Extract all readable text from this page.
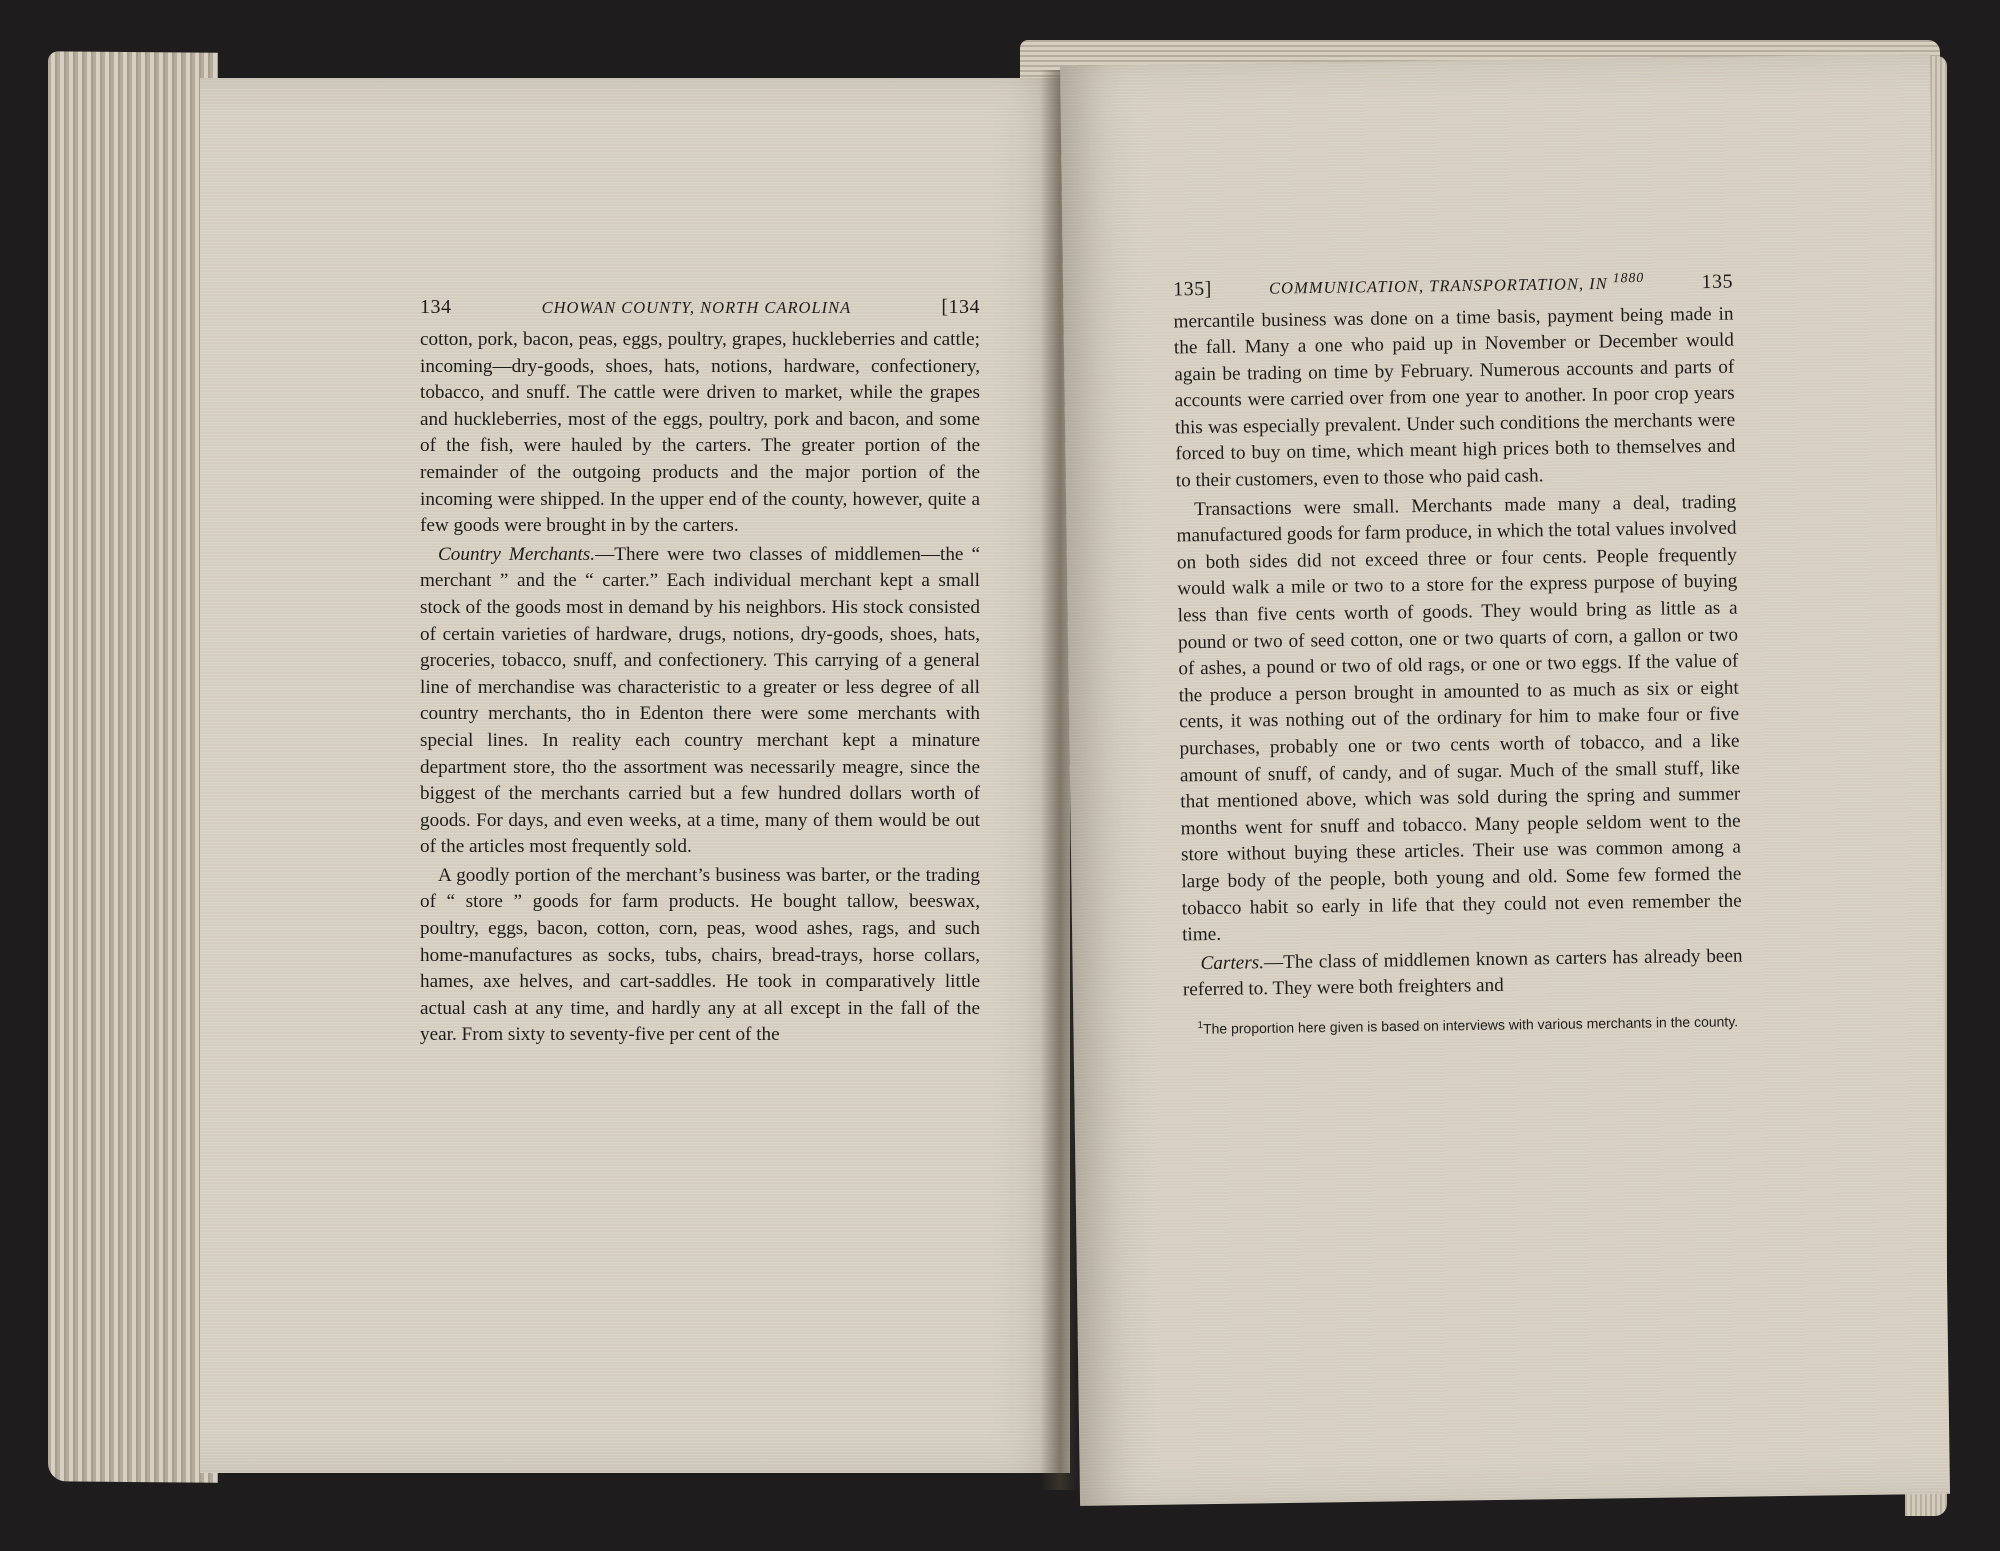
134	CHOWAN COUNTY, NORTH CAROLINA	[134

cotton, pork, bacon, peas, eggs, poultry, grapes, huckleberries and cattle; incoming—dry-goods, shoes, hats, notions, hardware, confectionery, tobacco, and snuff. The cattle were driven to market, while the grapes and huckleberries, most of the eggs, poultry, pork and bacon, and some of the fish, were hauled by the carters. The greater portion of the remainder of the outgoing products and the major portion of the incoming were shipped. In the upper end of the county, however, quite a few goods were brought in by the carters.

Country Merchants.—There were two classes of middlemen—the “ merchant ” and the “ carter.” Each individual merchant kept a small stock of the goods most in demand by his neighbors. His stock consisted of certain varieties of hardware, drugs, notions, dry-goods, shoes, hats, groceries, tobacco, snuff, and confectionery. This carrying of a general line of merchandise was characteristic to a greater or less degree of all country merchants, tho in Edenton there were some merchants with special lines. In reality each country merchant kept a minature department store, tho the assortment was necessarily meagre, since the biggest of the merchants carried but a few hundred dollars worth of goods. For days, and even weeks, at a time, many of them would be out of the articles most frequently sold.

A goodly portion of the merchant’s business was barter, or the trading of “ store ” goods for farm products. He bought tallow, beeswax, poultry, eggs, bacon, cotton, corn, peas, wood ashes, rags, and such home-manufactures as socks, tubs, chairs, bread-trays, horse collars, hames, axe helves, and cart-saddles. He took in comparatively little actual cash at any time, and hardly any at all except in the fall of the year. From sixty to seventy-five per cent of the

135]	COMMUNICATION, TRANSPORTATION, IN $^{1880}$	135

mercantile business was done on a time basis, payment being made in the fall. Many a one who paid up in November or December would again be trading on time by February. Numerous accounts and parts of accounts were carried over from one year to another. In poor crop years this was especially prevalent. Under such conditions the merchants were forced to buy on time, which meant high prices both to themselves and to their customers, even to those who paid cash.

Transactions were small. Merchants made many a deal, trading manufactured goods for farm produce, in which the total values involved on both sides did not exceed three or four cents. People frequently would walk a mile or two to a store for the express purpose of buying less than five cents worth of goods. They would bring as little as a pound or two of seed cotton, one or two quarts of corn, a gallon or two of ashes, a pound or two of old rags, or one or two eggs. If the value of the produce a person brought in amounted to as much as six or eight cents, it was nothing out of the ordinary for him to make four or five purchases, probably one or two cents worth of tobacco, and a like amount of snuff, of candy, and of sugar. Much of the small stuff, like that mentioned above, which was sold during the spring and summer months went for snuff and tobacco. Many people seldom went to the store without buying these articles. Their use was common among a large body of the people, both young and old. Some few formed the tobacco habit so early in life that they could not even remember the time.

Carters.—The class of middlemen known as carters has already been referred to. They were both freighters and

$^1$The proportion here given is based on interviews with various merchants in the county.
